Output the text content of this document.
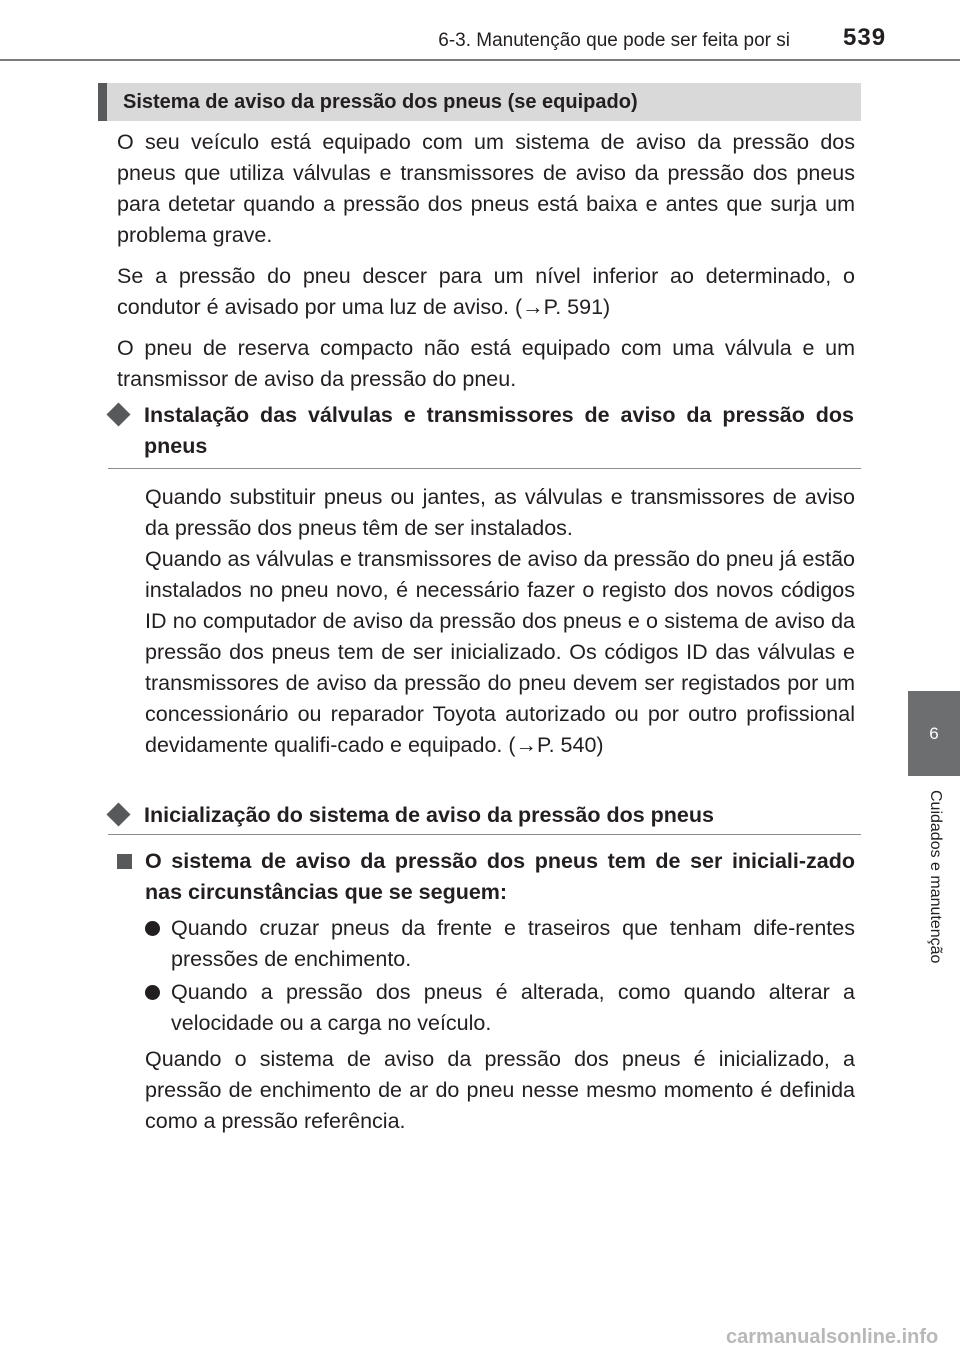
6-3. Manutenção que pode ser feita por si 539
6
Cuidados e manutenção
Sistema de aviso da pressão dos pneus (se equipado)
O seu veículo está equipado com um sistema de aviso da pressão dos pneus que utiliza válvulas e transmissores de aviso da pressão dos pneus para detetar quando a pressão dos pneus está baixa e antes que surja um problema grave.
Se a pressão do pneu descer para um nível inferior ao determinado, o condutor é avisado por uma luz de aviso. (→P. 591)
O pneu de reserva compacto não está equipado com uma válvula e um transmissor de aviso da pressão do pneu.
Instalação das válvulas e transmissores de aviso da pressão dos pneus
Quando substituir pneus ou jantes, as válvulas e transmissores de aviso da pressão dos pneus têm de ser instalados.
Quando as válvulas e transmissores de aviso da pressão do pneu já estão instalados no pneu novo, é necessário fazer o registo dos novos códigos ID no computador de aviso da pressão dos pneus e o sistema de aviso da pressão dos pneus tem de ser inicializado. Os códigos ID das válvulas e transmissores de aviso da pressão do pneu devem ser registados por um concessionário ou reparador Toyota autorizado ou por outro profissional devidamente qualifi-cado e equipado. (→P. 540)
Inicialização do sistema de aviso da pressão dos pneus
O sistema de aviso da pressão dos pneus tem de ser iniciali-zado nas circunstâncias que se seguem:
Quando cruzar pneus da frente e traseiros que tenham dife-rentes pressões de enchimento.
Quando a pressão dos pneus é alterada, como quando alterar a velocidade ou a carga no veículo.
Quando o sistema de aviso da pressão dos pneus é inicializado, a pressão de enchimento de ar do pneu nesse mesmo momento é definida como a pressão referência.
carmanualsonline.info
